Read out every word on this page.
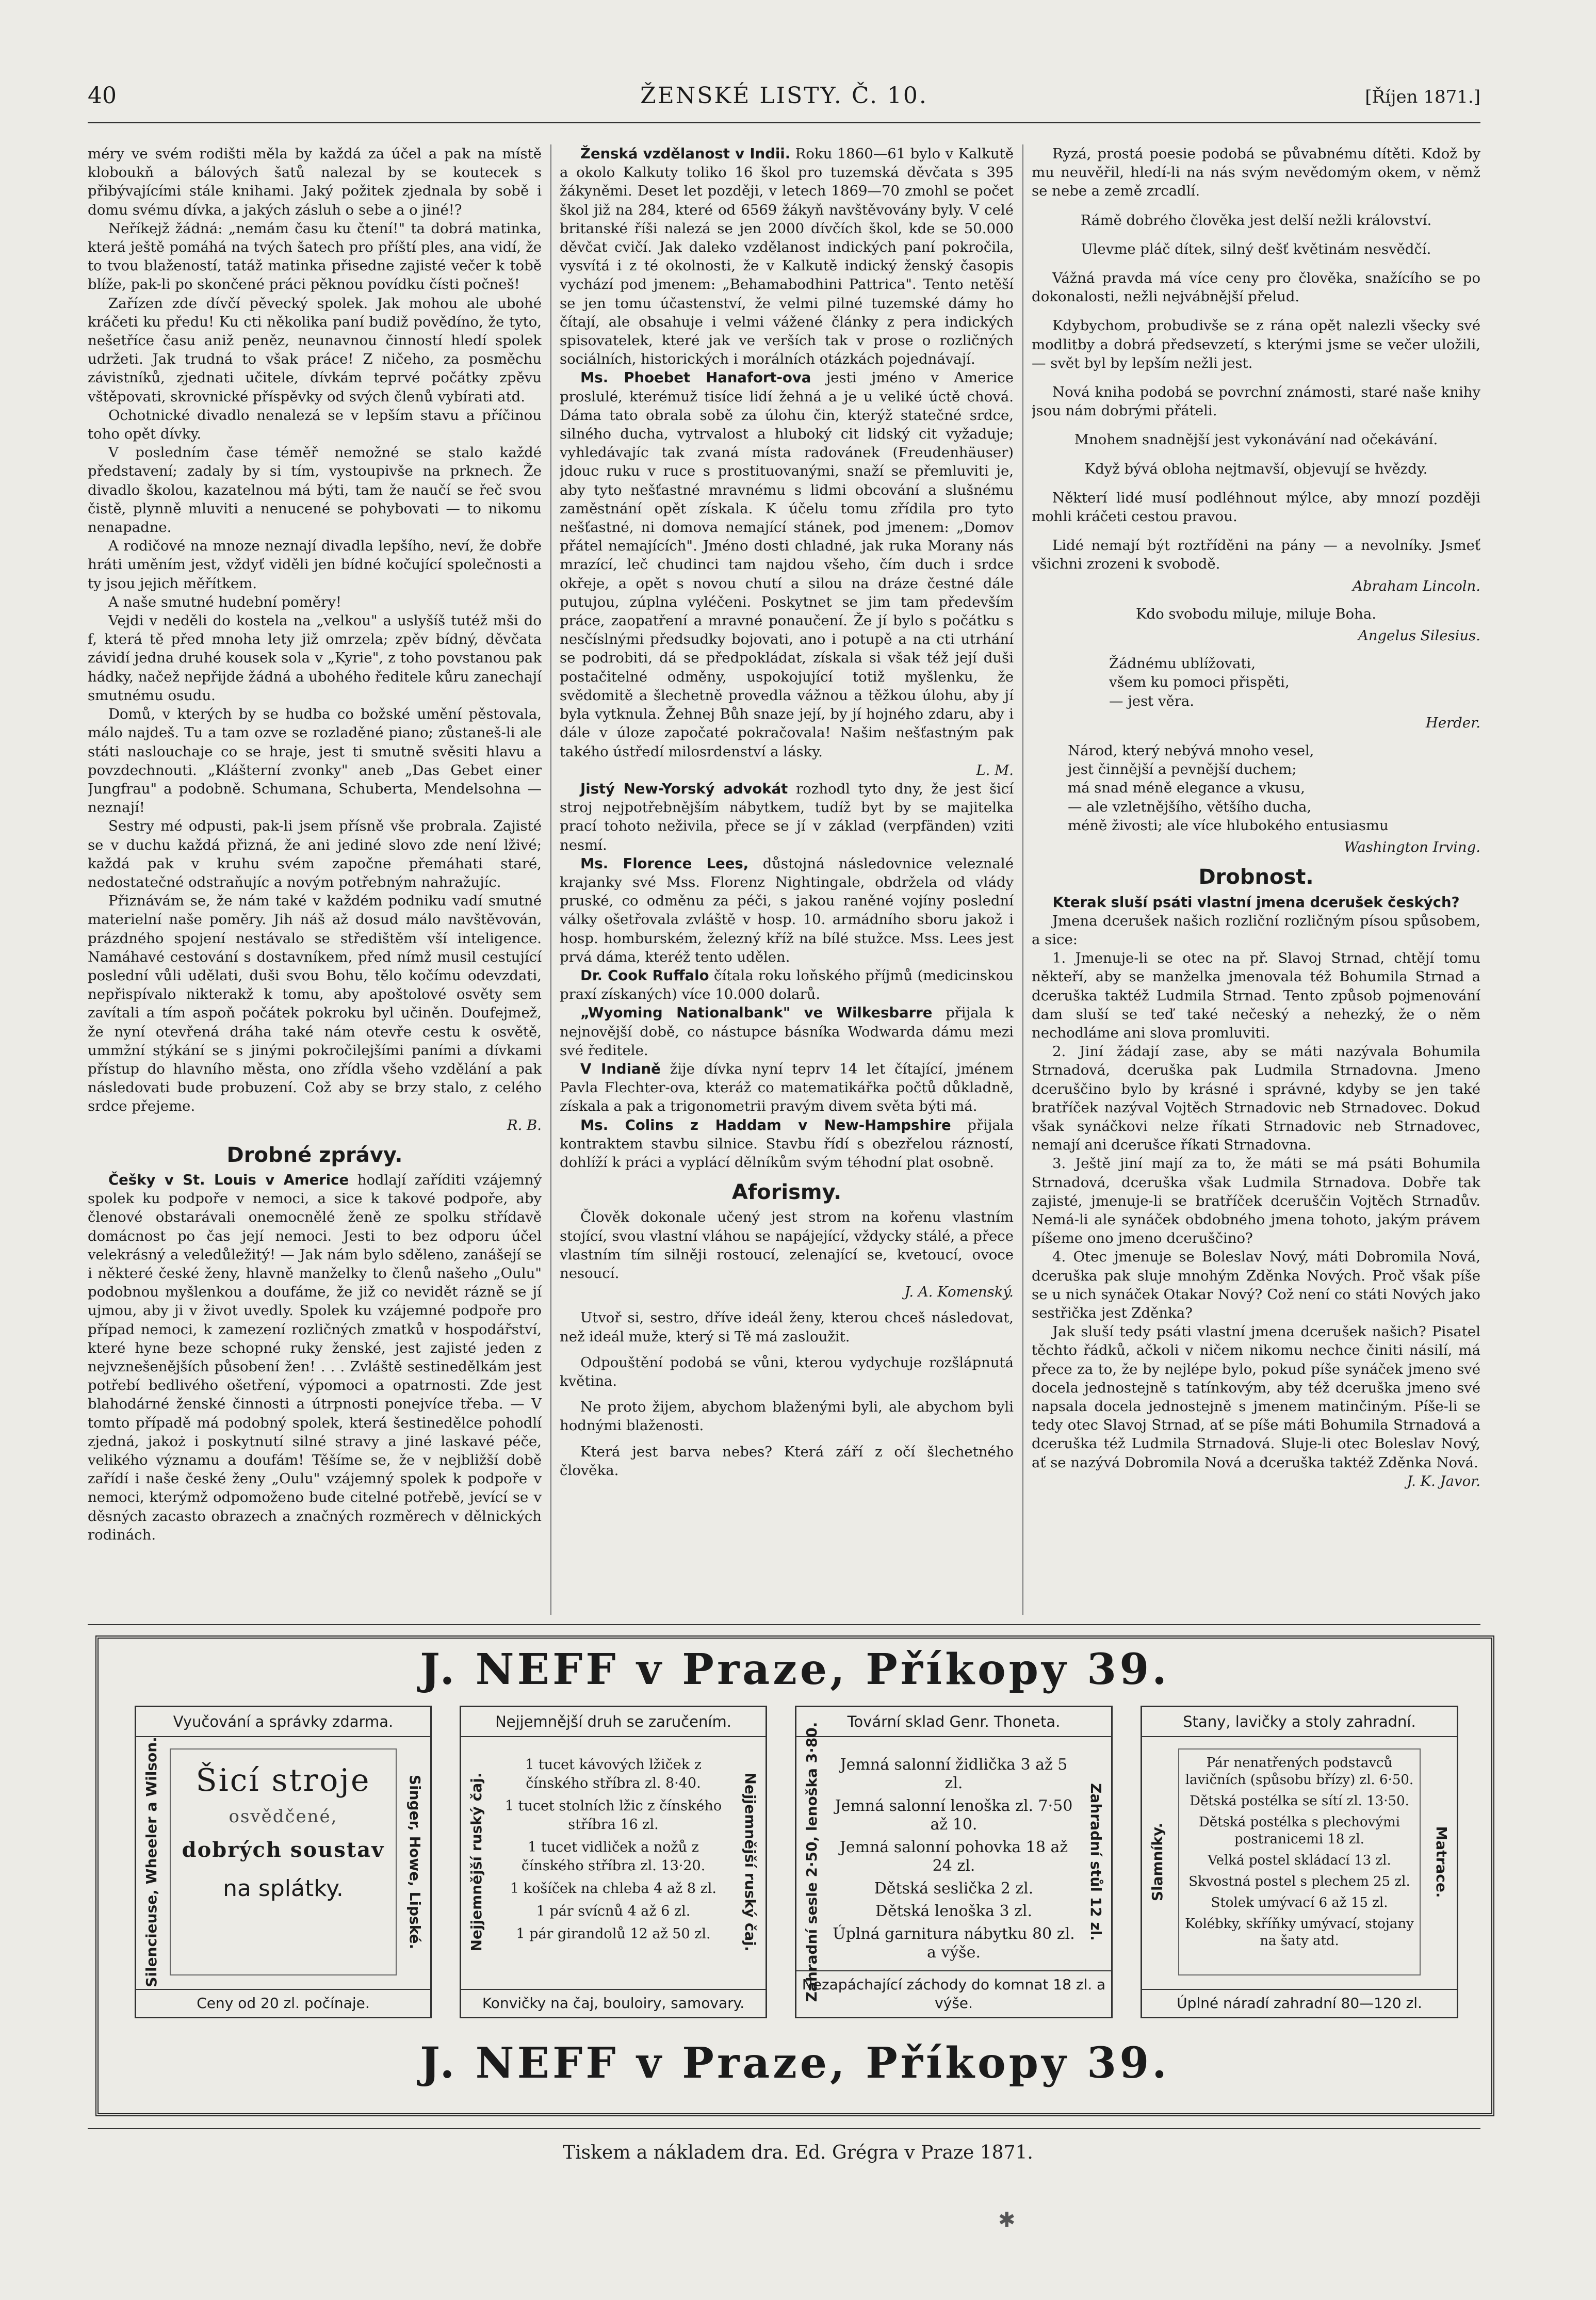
40	ŽENSKÉ LISTY. Č. 10.	[Říjen 1871.]

méry ve svém rodišti měla by každá za účel a pak na místě kloboukň a bálových šatů nalezal by se koutecek s přibývajícími stále knihami. Jaký požitek zjednala by sobě i domu svému dívka, a jakých zásluh o sebe a o jiné!?

Neříkejž žádná: „nemám času ku čtení!" ta dobrá matinka, která ještě pomáhá na tvých šatech pro příští ples, ana vidí, že to tvou blažeností, tatáž matinka přisedne zajisté večer k tobě blíže, pak-li po skončené práci pěknou povídku čísti počneš!

Zařízen zde dívčí pěvecký spolek. Jak mohou ale ubohé kráčeti ku předu! Ku cti několika paní budiž povědíno, že tyto, nešetříce času aniž peněz, neunavnou činností hledí spolek udržeti. Jak trudná to však práce! Z ničeho, za posměchu závistníků, zjednati učitele, dívkám teprvé počátky zpěvu vštěpovati, skrovnické příspěvky od svých členů vybírati atd.

Ochotnické divadlo nenalezá se v lepším stavu a příčinou toho opět dívky.

V posledním čase téměř nemožné se stalo každé představení; zadaly by si tím, vystoupivše na prknech. Že divadlo školou, kazatelnou má býti, tam že naučí se řeč svou čistě, plynně mluviti a nenucené se pohybovati — to nikomu nenapadne.

A rodičové na mnoze neznají divadla lepšího, neví, že dobře hráti uměním jest, vždyť viděli jen bídné kočující společnosti a ty jsou jejich měřítkem.

A naše smutné hudební poměry!

Vejdi v neděli do kostela na „velkou" a uslyšíš tutéž mši do f, která tě před mnoha lety již omrzela; zpěv bídný, děvčata závidí jedna druhé kousek sola v „Kyrie", z toho povstanou pak hádky, načež nepřijde žádná a ubohého ředitele kůru zanechají smutnému osudu.

Domů, v kterých by se hudba co božské umění pěstovala, málo najdeš. Tu a tam ozve se rozladěné piano; zůstaneš-li ale státi naslouchaje co se hraje, jest ti smutně svěsiti hlavu a povzdechnouti. „Klášterní zvonky" aneb „Das Gebet einer Jungfrau" a podobně. Schumana, Schuberta, Mendelsohna — neznají!

Sestry mé odpusti, pak-li jsem přísně vše probrala. Zajisté se v duchu každá přizná, že ani jediné slovo zde není lživé; každá pak v kruhu svém započne přemáhati staré, nedostatečné odstraňujíc a novým potřebným nahražujíc.

Přiznávám se, že nám také v každém podniku vadí smutné materielní naše poměry. Jih náš až dosud málo navštěvován, prázdného spojení nestávalo se středištěm vší inteligence. Namáhavé cestování s dostavníkem, před nímž musil cestující poslední vůli udělati, duši svou Bohu, tělo kočímu odevzdati, nepřispívalo nikterakž k tomu, aby apoštolové osvěty sem zavítali a tím aspoň počátek pokroku byl učiněn. Doufejmež, že nyní otevřená dráha také nám otevře cestu k osvětě, ummžní stýkání se s jinými pokročilejšími paními a dívkami přístup do hlavního města, ono zřídla všeho vzdělání a pak následovati bude probuzení. Což aby se brzy stalo, z celého srdce přejeme.

R. B.

Drobné zprávy.

Češky v St. Louis v Americe hodlají zaříditi vzájemný spolek ku podpoře v nemoci, a sice k takové podpoře, aby členové obstarávali onemocnělé ženě ze spolku střídavě domácnost po čas její nemoci. Jesti to bez odporu účel velekrásný a veledůležitý! — Jak nám bylo sděleno, zanášejí se i některé české ženy, hlavně manželky to členů našeho „Oulu" podobnou myšlenkou a doufáme, že již co nevidět rázně se jí ujmou, aby ji v život uvedly. Spolek ku vzájemné podpoře pro případ nemoci, k zamezení rozličných zmatků v hospodářství, které hyne beze schopné ruky ženské, jest zajisté jeden z nejvznešenějších působení žen! . . . Zvláště sestinedělkám jest potřebí bedlivého ošetření, výpomoci a opatrnosti. Zde jest blahodárné ženské činnosti a útrpnosti ponejvíce třeba. — V tomto případě má podobný spolek, která šestinedělce pohodlí zjedná, jakoż i poskytnutí silné stravy a jiné laskavé péče, velikého významu a doufám! Těšíme se, že v nejbližší době zařídí i naše české ženy „Oulu" vzájemný spolek k podpoře v nemoci, kterýmž odpomoženo bude citelné potřebě, jevící se v děsných zacasto obrazech a značných rozměrech v dělnických rodinách.

Ženská vzdělanost v Indii. Roku 1860—61 bylo v Kalkutě a okolo Kalkuty toliko 16 škol pro tuzemská děvčata s 395 žákyněmi. Deset let později, v letech 1869—70 zmohl se počet škol již na 284, které od 6569 žákyň navštěvovány byly. V celé britanské říši nalezá se jen 2000 dívčích škol, kde se 50.000 děvčat cvičí. Jak daleko vzdělanost indických paní pokročila, vysvítá i z té okolnosti, že v Kalkutě indický ženský časopis vychází pod jmenem: „Behamabodhini Pattrica". Tento netěší se jen tomu účastenství, že velmi pilné tuzemské dámy ho čítají, ale obsahuje i velmi vážené články z pera indických spisovatelek, které jak ve verších tak v prose o rozličných sociálních, historických i morálních otázkách pojednávají.

Ms. Phoebet Hanafort-ova jesti jméno v Americe proslulé, kterémuž tisíce lidí žehná a je u veliké úctě chová. Dáma tato obrala sobě za úlohu čin, kterýž statečné srdce, silného ducha, vytrvalost a hluboký cit lidský cit vyžaduje; vyhledávajíc tak zvaná místa radovánek (Freudenhäuser) jdouc ruku v ruce s prostituovanými, snaží se přemluviti je, aby tyto nešťastné mravnému s lidmi obcování a slušnému zaměstnání opět získala. K účelu tomu zřídila pro tyto nešťastné, ni domova nemající stánek, pod jmenem: „Domov přátel nemajících". Jméno dosti chladné, jak ruka Morany nás mrazící, leč chudinci tam najdou všeho, čím duch i srdce okřeje, a opět s novou chutí a silou na dráze čestné dále putujou, zúplna vyléčeni. Poskytnet se jim tam především práce, zaopatření a mravné ponaučení. Že jí bylo s počátku s nesčíslnými předsudky bojovati, ano i potupě a na cti utrhání se podrobiti, dá se předpokládat, získala si však též její duši postačitelné odměny, uspokojující totiž myšlenku, že svědomitě a šlechetně provedla vážnou a těžkou úlohu, aby jí byla vytknula. Žehnej Bůh snaze její, by jí hojného zdaru, aby i dále v úloze započaté pokračovala! Našim nešťastným pak takého ústředí milosrdenství a lásky.

L. M.

Jistý New-Yorský advokát rozhodl tyto dny, že jest šicí stroj nejpotřebnějším nábytkem, tudíž byt by se majitelka prací tohoto neživila, přece se jí v základ (verpfänden) vziti nesmí.

Ms. Florence Lees, důstojná následovnice veleznalé krajanky své Mss. Florenz Nightingale, obdržela od vlády pruské, co odměnu za péči, s jakou raněné vojíny poslední války ošetřovala zvláště v hosp. 10. armádního sboru jakož i hosp. homburském, železný kříž na bílé stužce. Mss. Lees jest prvá dáma, kteréž tento udělen.

Dr. Cook Ruffalo čítala roku loňského příjmů (medicinskou praxí získaných) více 10.000 dolarů.

„Wyoming Nationalbank" ve Wilkesbarre přijala k nejnovější době, co nástupce básníka Wodwarda dámu mezi své ředitele.

V Indianě žije dívka nyní teprv 14 let čítající, jménem Pavla Flechter-ova, kteráž co matematikářka počtů důkladně, získala a pak a trigonometrii pravým divem světa býti má.

Ms. Colins z Haddam v New-Hampshire přijala kontraktem stavbu silnice. Stavbu řídí s obezřelou rázností, dohlíží k práci a vyplácí dělníkům svým téhodní plat osobně.

Aforismy.

Člověk dokonale učený jest strom na kořenu vlastním stojící, svou vlastní vláhou se napájející, vždycky stálé, a přece vlastním tím silněji rostoucí, zelenající se, kvetoucí, ovoce nesoucí.

J. A. Komenský.

Utvoř si, sestro, dříve ideál ženy, kterou chceš následovat, než ideál muže, který si Tě má zasloužit.

Odpouštění podobá se vůni, kterou vydychuje rozšlápnutá květina.

Ne proto žijem, abychom blaženými byli, ale abychom byli hodnými blaženosti.

Která jest barva nebes? Která září z očí šlechetného člověka.

Ryzá, prostá poesie podobá se půvabnému dítěti. Kdož by mu neuvěřil, hledí-li na nás svým nevědomým okem, v němž se nebe a země zrcadlí.

Rámě dobrého člověka jest delší nežli království.

Ulevme pláč dítek, silný dešť květinám nesvědčí.

Vážná pravda má více ceny pro člověka, snažícího se po dokonalosti, nežli nejvábnější přelud.

Kdybychom, probudivše se z rána opět nalezli všecky své modlitby a dobrá předsevzetí, s kterými jsme se večer uložili, — svět byl by lepším nežli jest.

Nová kniha podobá se povrchní známosti, staré naše knihy jsou nám dobrými přáteli.

Mnohem snadnější jest vykonávání nad očekávání.

Když bývá obloha nejtmavší, objevují se hvězdy.

Některí lidé musí podléhnout mýlce, aby mnozí později mohli kráčeti cestou pravou.

Lidé nemají být roztříděni na pány — a nevolníky. Jsmeť všichni zrozeni k svobodě.

Abraham Lincoln.

Kdo svobodu miluje, miluje Boha.

Angelus Silesius.

Žádnému ublížovati,
všem ku pomoci přispěti,
— jest věra.

Herder.

Národ, který nebývá mnoho vesel,
jest činnější a pevnější duchem;
má snad méně elegance a vkusu,
— ale vzletnějšího, většího ducha,
méně živosti; ale více hlubokého entusiasmu

Washington Irving.

Drobnost.

Kterak sluší psáti vlastní jmena dcerušek českých?

Jmena dcerušek našich rozliční rozličným písou spůsobem, a sice:

1. Jmenuje-li se otec na př. Slavoj Strnad, chtějí tomu někteří, aby se manželka jmenovala též Bohumila Strnad a dceruška taktéž Ludmila Strnad. Tento způsob pojmenování dam sluší se teď také nečeský a nehezký, že o něm nechodláme ani slova promluviti.

2. Jiní žádají zase, aby se máti nazývala Bohumila Strnadová, dceruška pak Ludmila Strnadovna. Jmeno dceruščino bylo by krásné i správné, kdyby se jen také bratříček nazýval Vojtěch Strnadovic neb Strnadovec. Dokud však synáčkovi nelze říkati Strnadovic neb Strnadovec, nemají ani dcerušce říkati Strnadovna.

3. Ještě jiní mají za to, že máti se má psáti Bohumila Strnadová, dceruška však Ludmila Strnadova. Dobře tak zajisté, jmenuje-li se bratříček dceruščin Vojtěch Strnadův. Nemá-li ale synáček obdobného jmena tohoto, jakým právem píšeme ono jmeno dceruščino?

4. Otec jmenuje se Boleslav Nový, máti Dobromila Nová, dceruška pak sluje mnohým Zděnka Nových. Proč však píše se u nich synáček Otakar Nový? Což není co státi Nových jako sestřička jest Zděnka?

Jak sluší tedy psáti vlastní jmena dcerušek našich? Pisatel těchto řádků, ačkoli v ničem nikomu nechce činiti násilí, má přece za to, že by nejlépe bylo, pokud píše synáček jmeno své docela jednostejně s tatínkovým, aby též dceruška jmeno své napsala docela jednostejně s jmenem matinčiným. Píše-li se tedy otec Slavoj Strnad, ať se píše máti Bohumila Strnadová a dceruška též Ludmila Strnadová. Sluje-li otec Boleslav Nový, ať se nazývá Dobromila Nová a dceruška taktéž Zděnka Nová.

J. K. Javor.

J. NEFF v Praze, Příkopy 39.
Vyučování a správky zdarma.
Silencieuse, Wheeler a Wilson.	Singer, Howe, Lipské.
Šicí stroje
osvědčené,
dobrých soustav
na splátky.
Ceny od 20 zl. počínaje.
Nejjemnější druh se zaručením.
Nejjemnější ruský čaj.	Nejjemnější ruský čaj.
1 tucet kávových lžiček z čínského stříbra zl. 8·40.
1 tucet stolních lžic z čínského stříbra 16 zl.
1 tucet vidliček a nožů z čínského stříbra zl. 13·20.
1 košíček na chleba 4 až 8 zl.
1 pár svícnů 4 až 6 zl.
1 pár girandolů 12 až 50 zl.
Konvičky na čaj, bouloiry, samovary.
Tovární sklad Genr. Thoneta.
Zahradní sesle 2·50, lenoška 3·80.	Zahradní stůl 12 zl.
Jemná salonní židlička 3 až 5 zl.
Jemná salonní lenoška zl. 7·50 až 10.
Jemná salonní pohovka 18 až 24 zl.
Dětská seslička 2 zl.
Dětská lenoška 3 zl.
Úplná garnitura nábytku 80 zl. a výše.
Nezapáchající záchody do komnat 18 zl. a výše.
Stany, lavičky a stoly zahradní.
Slamníky.	Matrace.
Pár nenatřených podstavců lavičních (spůsobu břízy) zl. 6·50.
Dětská postélka se sítí zl. 13·50.
Dětská postélka s plechovými postranicemi 18 zl.
Velká postel skládací 13 zl.
Skvostná postel s plechem 25 zl.
Stolek umývací 6 až 15 zl.
Kolébky, skříňky umývací, stojany na šaty atd.
Úplné náradí zahradní 80—120 zl.
J. NEFF v Praze, Příkopy 39.
Tiskem a nákladem dra. Ed. Grégra v Praze 1871.
✱
